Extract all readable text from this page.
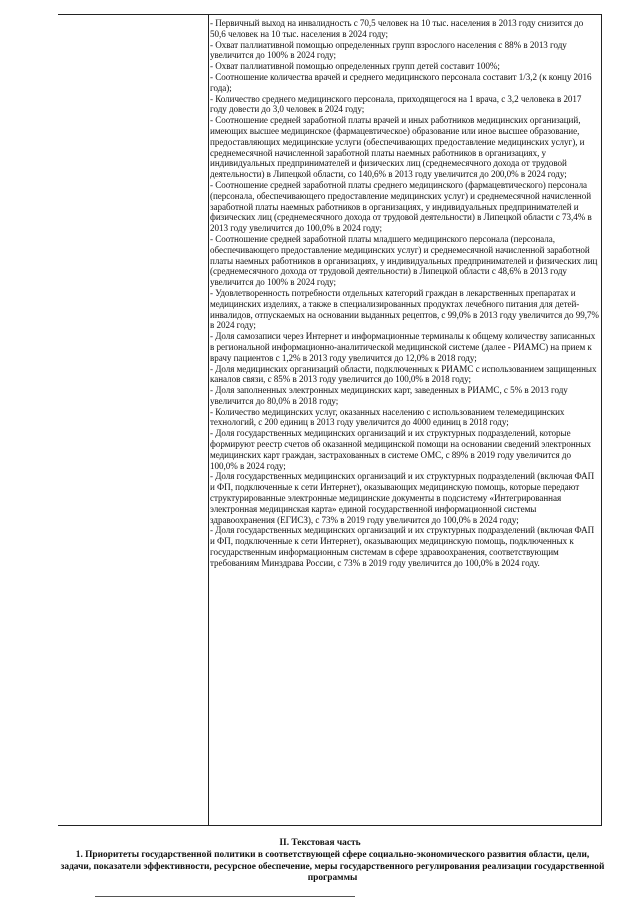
- Первичный выход на инвалидность с 70,5 человек на 10 тыс. населения в 2013 году снизится до 50,6 человек на 10 тыс. населения в 2024 году;

- Охват паллиативной помощью определенных групп взрослого населения с 88% в 2013 году увеличится до 100% в 2024 году;

- Охват паллиативной помощью определенных групп детей составит 100%;

- Соотношение количества врачей и среднего медицинского персонала составит 1/3,2 (к концу 2016 года);

- Количество среднего медицинского персонала, приходящегося на 1 врача, с 3,2 человека в 2017 году довести до 3,0 человек в 2024 году;

- Соотношение средней заработной платы врачей и иных работников медицинских организаций, имеющих высшее медицинское (фармацевтическое) образование или иное высшее образование, предоставляющих медицинские услуги (обеспечивающих предоставление медицинских услуг), и среднемесячной начисленной заработной платы наемных работников в организациях, у индивидуальных предпринимателей и физических лиц (среднемесячного дохода от трудовой деятельности) в Липецкой области, со 140,6% в 2013 году увеличится до 200,0% в 2024 году;

- Соотношение средней заработной платы среднего медицинского (фармацевтического) персонала (персонала, обеспечивающего предоставление медицинских услуг) и среднемесячной начисленной заработной платы наемных работников в организациях, у индивидуальных предпринимателей и физических лиц (среднемесячного дохода от трудовой деятельности) в Липецкой области с 73,4% в 2013 году увеличится до 100,0% в 2024 году;

- Соотношение средней заработной платы младшего медицинского персонала (персонала, обеспечивающего предоставление медицинских услуг) и среднемесячной начисленной заработной платы наемных работников в организациях, у индивидуальных предпринимателей и физических лиц (среднемесячного дохода от трудовой деятельности) в Липецкой области с 48,6% в 2013 году увеличится до 100% в 2024 году;

- Удовлетворенность потребности отдельных категорий граждан в лекарственных препаратах и медицинских изделиях, а также в специализированных продуктах лечебного питания для детей-инвалидов, отпускаемых на основании выданных рецептов, с 99,0% в 2013 году увеличится до 99,7% в 2024 году;

- Доля самозаписи через Интернет и информационные терминалы к общему количеству записанных в региональной информационно-аналитической медицинской системе (далее - РИАМС) на прием к врачу пациентов с 1,2% в 2013 году увеличится до 12,0% в 2018 году;

- Доля медицинских организаций области, подключенных к РИАМС с использованием защищенных каналов связи, с 85% в 2013 году увеличится до 100,0% в 2018 году;

- Доля заполненных электронных медицинских карт, заведенных в РИАМС, с 5% в 2013 году увеличится до 80,0% в 2018 году;

- Количество медицинских услуг, оказанных населению с использованием телемедицинских технологий, с 200 единиц в 2013 году увеличится до 4000 единиц в 2018 году;

- Доля государственных медицинских организаций и их структурных подразделений, которые формируют реестр счетов об оказанной медицинской помощи на основании сведений электронных медицинских карт граждан, застрахованных в системе ОМС, с 89% в 2019 году увеличится до 100,0% в 2024 году;

- Доля государственных медицинских организаций и их структурных подразделений (включая ФАП и ФП, подключенные к сети Интернет), оказывающих медицинскую помощь, которые передают структурированные электронные медицинские документы в подсистему «Интегрированная электронная медицинская карта» единой государственной информационной системы здравоохранения (ЕГИСЗ), с 73% в 2019 году увеличится до 100,0% в 2024 году;

- Доля государственных медицинских организаций и их структурных подразделений (включая ФАП и ФП, подключенные к сети Интернет), оказывающих медицинскую помощь, подключенных к государственным информационным системам в сфере здравоохранения, соответствующим требованиям Минздрава России, с 73% в 2019 году увеличится до 100,0% в 2024 году.

II. Текстовая часть
1. Приоритеты государственной политики в соответствующей сфере социально-экономического развития области, цели, задачи, показатели эффективности, ресурсное обеспечение, меры государственного регулирования реализации государственной программы
